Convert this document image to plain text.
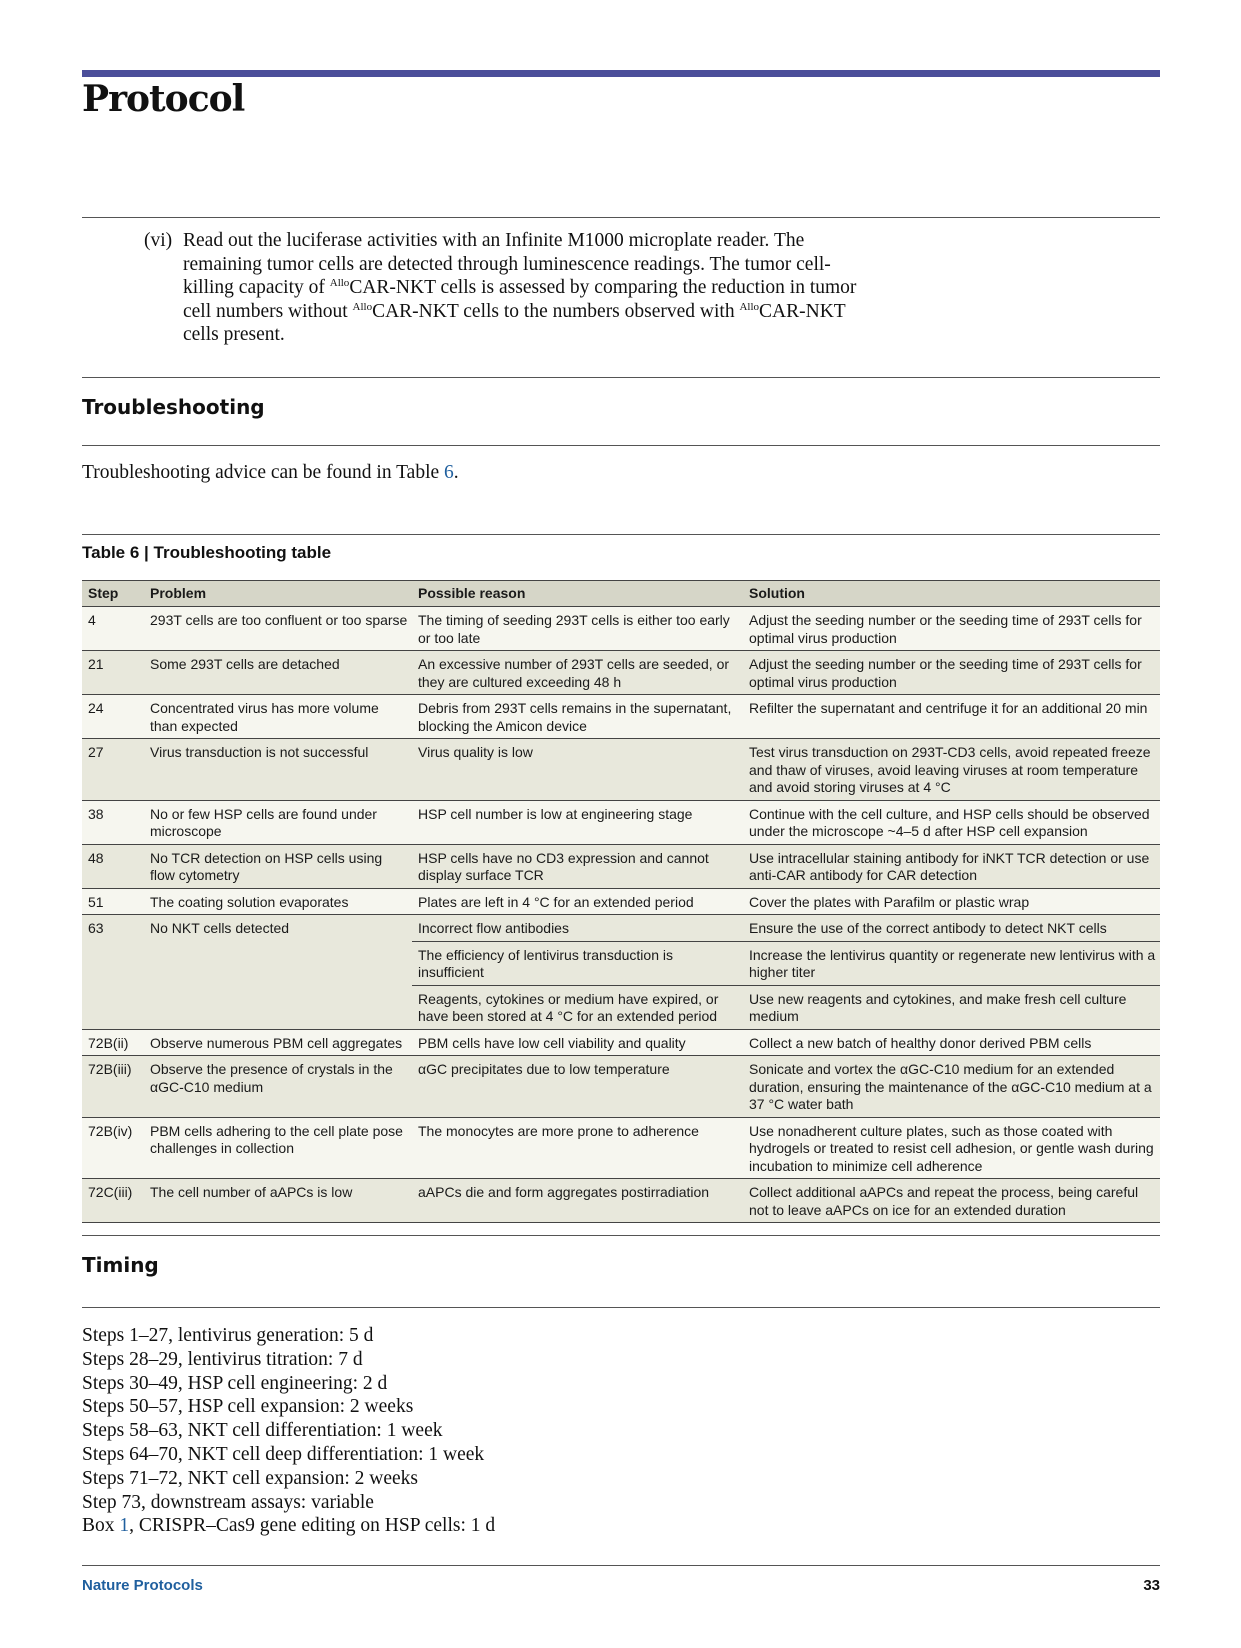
Protocol
(vi) Read out the luciferase activities with an Infinite M1000 microplate reader. The remaining tumor cells are detected through luminescence readings. The tumor cell-killing capacity of $^{Allo}$CAR-NKT cells is assessed by comparing the reduction in tumor cell numbers without $^{Allo}$CAR-NKT cells to the numbers observed with $^{Allo}$CAR-NKT cells present.
Troubleshooting
Troubleshooting advice can be found in Table 6.
Table 6 | Troubleshooting table
Step	Problem	Possible reason	Solution
4	293T cells are too confluent or too sparse	The timing of seeding 293T cells is either too early or too late	Adjust the seeding number or the seeding time of 293T cells for optimal virus production
21	Some 293T cells are detached	An excessive number of 293T cells are seeded, or they are cultured exceeding 48 h	Adjust the seeding number or the seeding time of 293T cells for optimal virus production
24	Concentrated virus has more volume than expected	Debris from 293T cells remains in the supernatant, blocking the Amicon device	Refilter the supernatant and centrifuge it for an additional 20 min
27	Virus transduction is not successful	Virus quality is low	Test virus transduction on 293T-CD3 cells, avoid repeated freeze and thaw of viruses, avoid leaving viruses at room temperature and avoid storing viruses at 4 °C
38	No or few HSP cells are found under microscope	HSP cell number is low at engineering stage	Continue with the cell culture, and HSP cells should be observed under the microscope ~4–5 d after HSP cell expansion
48	No TCR detection on HSP cells using flow cytometry	HSP cells have no CD3 expression and cannot display surface TCR	Use intracellular staining antibody for iNKT TCR detection or use anti-CAR antibody for CAR detection
51	The coating solution evaporates	Plates are left in 4 °C for an extended period	Cover the plates with Parafilm or plastic wrap
63	No NKT cells detected	Incorrect flow antibodies	Ensure the use of the correct antibody to detect NKT cells
		The efficiency of lentivirus transduction is insufficient	Increase the lentivirus quantity or regenerate new lentivirus with a higher titer
		Reagents, cytokines or medium have expired, or have been stored at 4 °C for an extended period	Use new reagents and cytokines, and make fresh cell culture medium
72B(ii)	Observe numerous PBM cell aggregates	PBM cells have low cell viability and quality	Collect a new batch of healthy donor derived PBM cells
72B(iii)	Observe the presence of crystals in the αGC-C10 medium	αGC precipitates due to low temperature	Sonicate and vortex the αGC-C10 medium for an extended duration, ensuring the maintenance of the αGC-C10 medium at a 37 °C water bath
72B(iv)	PBM cells adhering to the cell plate pose challenges in collection	The monocytes are more prone to adherence	Use nonadherent culture plates, such as those coated with hydrogels or treated to resist cell adhesion, or gentle wash during incubation to minimize cell adherence
72C(iii)	The cell number of aAPCs is low	aAPCs die and form aggregates postirradiation	Collect additional aAPCs and repeat the process, being careful not to leave aAPCs on ice for an extended duration
Timing
Steps 1–27, lentivirus generation: 5 d
Steps 28–29, lentivirus titration: 7 d
Steps 30–49, HSP cell engineering: 2 d
Steps 50–57, HSP cell expansion: 2 weeks
Steps 58–63, NKT cell differentiation: 1 week
Steps 64–70, NKT cell deep differentiation: 1 week
Steps 71–72, NKT cell expansion: 2 weeks
Step 73, downstream assays: variable
Box 1, CRISPR–Cas9 gene editing on HSP cells: 1 d
Nature Protocols	33
